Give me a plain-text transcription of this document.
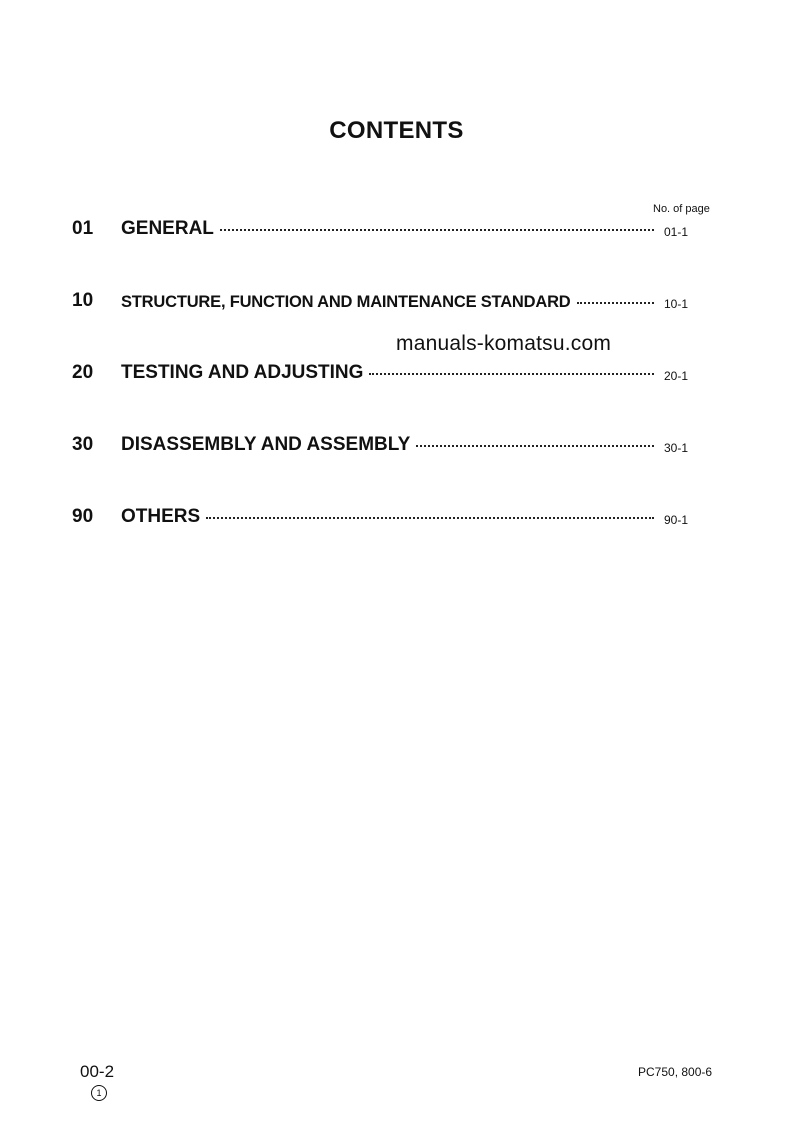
CONTENTS
No. of page
01 GENERAL	01-1
10 STRUCTURE, FUNCTION AND MAINTENANCE STANDARD	10-1
manuals-komatsu.com
20 TESTING AND ADJUSTING	20-1
30 DISASSEMBLY AND ASSEMBLY	30-1
90 OTHERS	90-1
00-2
1
PC750, 800-6
